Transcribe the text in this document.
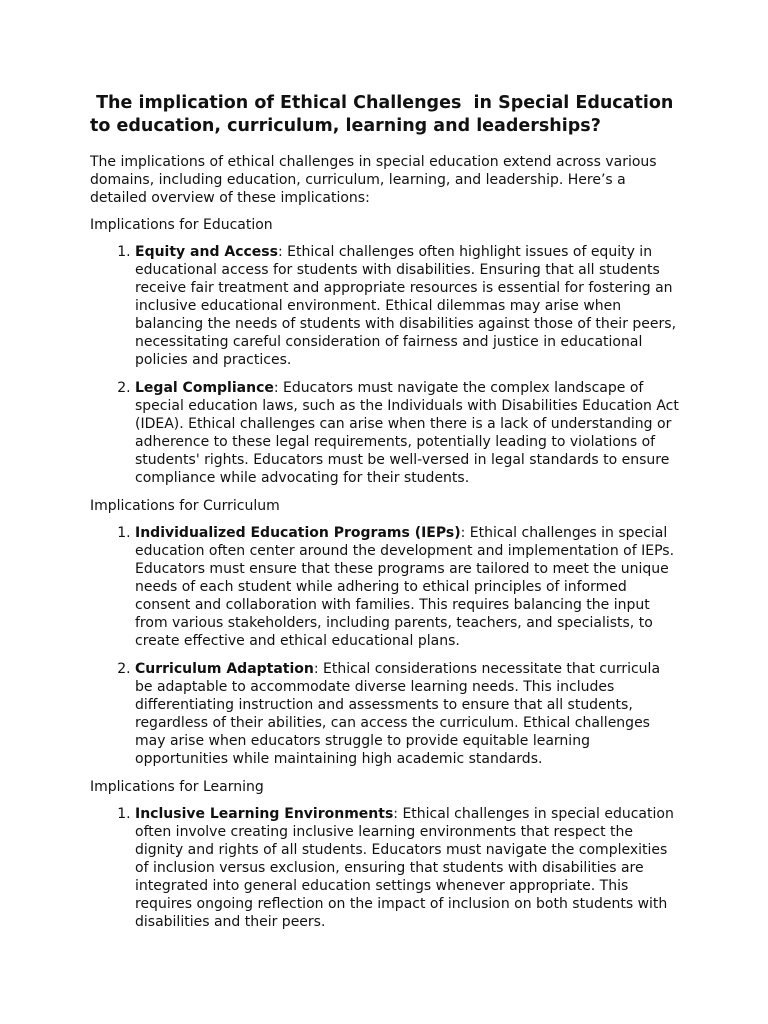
The implication of Ethical Challenges  in Special Education to education, curriculum, learning and leaderships?

The implications of ethical challenges in special education extend across various domains, including education, curriculum, learning, and leadership. Here’s a detailed overview of these implications:

Implications for Education

1. Equity and Access: Ethical challenges often highlight issues of equity in educational access for students with disabilities. Ensuring that all students receive fair treatment and appropriate resources is essential for fostering an inclusive educational environment. Ethical dilemmas may arise when balancing the needs of students with disabilities against those of their peers, necessitating careful consideration of fairness and justice in educational policies and practices.
2. Legal Compliance: Educators must navigate the complex landscape of special education laws, such as the Individuals with Disabilities Education Act (IDEA). Ethical challenges can arise when there is a lack of understanding or adherence to these legal requirements, potentially leading to violations of students' rights. Educators must be well-versed in legal standards to ensure compliance while advocating for their students.

Implications for Curriculum

1. Individualized Education Programs (IEPs): Ethical challenges in special education often center around the development and implementation of IEPs. Educators must ensure that these programs are tailored to meet the unique needs of each student while adhering to ethical principles of informed consent and collaboration with families. This requires balancing the input from various stakeholders, including parents, teachers, and specialists, to create effective and ethical educational plans.
2. Curriculum Adaptation: Ethical considerations necessitate that curricula be adaptable to accommodate diverse learning needs. This includes differentiating instruction and assessments to ensure that all students, regardless of their abilities, can access the curriculum. Ethical challenges may arise when educators struggle to provide equitable learning opportunities while maintaining high academic standards.

Implications for Learning

1. Inclusive Learning Environments: Ethical challenges in special education often involve creating inclusive learning environments that respect the dignity and rights of all students. Educators must navigate the complexities of inclusion versus exclusion, ensuring that students with disabilities are integrated into general education settings whenever appropriate. This requires ongoing reflection on the impact of inclusion on both students with disabilities and their peers.
